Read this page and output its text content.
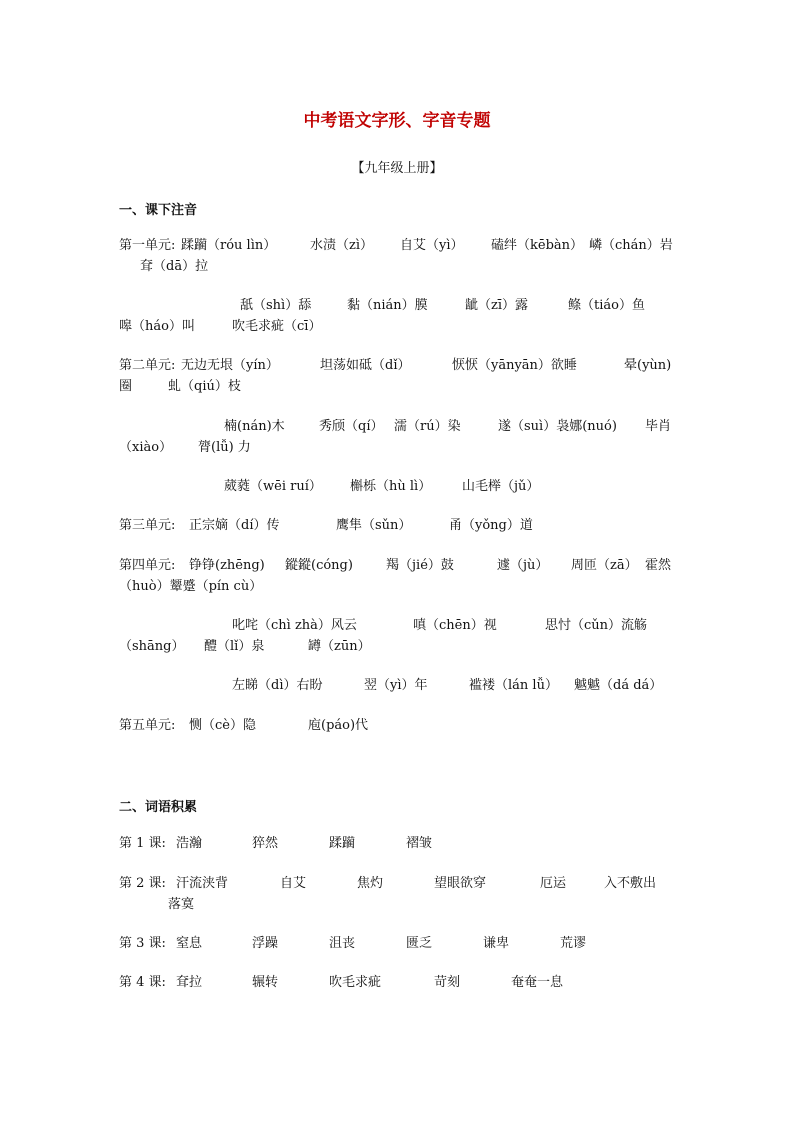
中考语文字形、字音专题
【九年级上册】
一、课下注音
第一单元: 蹂躏（róu lìn）	水渍（zì） 自艾（yì） 磕绊（kēbàn） 嶙（chán）岩
耷（dā）拉
舐（shì）舔	黏（nián）膜	龇（zī）露	鲦（tiáo）鱼
嗥（háo）叫	吹毛求疵（cī）
第二单元: 无边无垠（yín）	坦荡如砥（dǐ）	恹恹（yānyān）欲睡	晕(yùn)
圈	虬（qiú）枝
楠(nán)木	秀颀（qí） 濡（rú）染	遂（suì）袅娜(nuó) 毕肖
（xiào） 膂(lǚ) 力
葳蕤（wēi ruí） 槲栎（hù lì） 山毛榉（jǔ）
第三单元: 正宗嫡（dí）传	鹰隼（sǔn）	甬（yǒng）道
第四单元: 铮铮(zhēng) 鏦鏦(cóng)	羯（jié）鼓	遽（jù） 周匝（zā） 霍然
（huò）颦蹙（pín cù）
叱咤（chì zhà）风云	嗔（chēn）视	思忖（cǔn）流觞
（shāng） 醴（lǐ）泉	罇（zūn）
左睇（dì）右盼	翌（yì）年	褴褛（lán lǚ） 魆魆（dá dá）
第五单元: 恻（cè）隐	庖(páo)代
二、词语积累
第 1 课: 浩瀚	猝然	蹂躏	褶皱
第 2 课: 汗流浃背	自艾	焦灼	望眼欲穿	厄运	入不敷出
落寞
第 3 课: 窒息	浮躁	沮丧	匮乏	谦卑	荒谬
第 4 课: 耷拉	辗转	吹毛求疵	苛刻	奄奄一息
